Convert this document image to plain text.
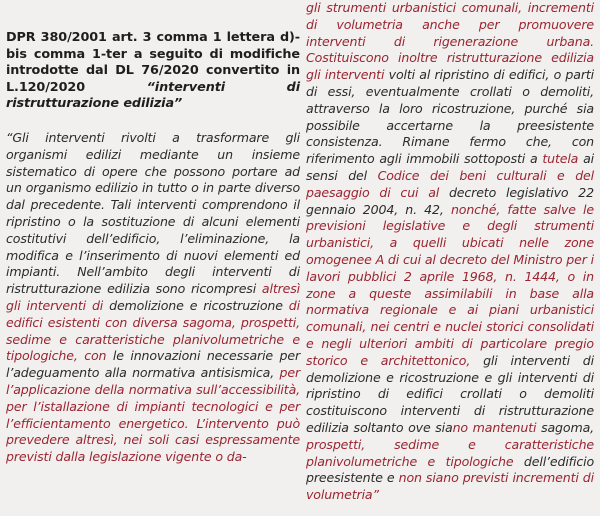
DPR 380/2001 art. 3 comma 1 lettera d)-bis comma 1-ter a seguito di modifiche introdotte dal DL 76/2020 convertito in L.120/2020 “interventi di ristrutturazione edilizia”

“Gli interventi rivolti a trasformare gli organismi edilizi mediante un insieme sistematico di opere che possono portare ad un organismo edilizio in tutto o in parte diverso dal precedente. Tali interventi comprendono il ripristino o la sostituzione di alcuni elementi costitutivi dell’edificio, l’eliminazione, la modifica e l’inserimento di nuovi elementi ed impianti. Nell’ambito degli interventi di ristrutturazione edilizia sono ricompresi altresì gli interventi di demolizione e ricostruzione di edifici esistenti con diversa sagoma, prospetti, sedime e caratteristiche planivolumetriche e tipologiche, con le innovazioni necessarie per l’adeguamento alla normativa antisismica, per l’applicazione della normativa sull’accessibilità, per l’istallazione di impianti tecnologici e per l’efficientamento energetico. L’intervento può prevedere altresì, nei soli casi espressamente previsti dalla legislazione vigente o da-

gli strumenti urbanistici comunali, incrementi di volumetria anche per promuovere interventi di rigenerazione urbana. Costituiscono inoltre ristrutturazione edilizia gli interventi volti al ripristino di edifici, o parti di essi, eventualmente crollati o demoliti, attraverso la loro ricostruzione, purché sia possibile accertarne la preesistente consistenza. Rimane fermo che, con riferimento agli immobili sottoposti a tutela ai sensi del Codice dei beni culturali e del paesaggio di cui al decreto legislativo 22 gennaio 2004, n. 42, nonché, fatte salve le previsioni legislative e degli strumenti urbanistici, a quelli ubicati nelle zone omogenee A di cui al decreto del Ministro per i lavori pubblici 2 aprile 1968, n. 1444, o in zone a queste assimilabili in base alla normativa regionale e ai piani urbanistici comunali, nei centri e nuclei storici consolidati e negli ulteriori ambiti di particolare pregio storico e architettonico, gli interventi di demolizione e ricostruzione e gli interventi di ripristino di edifici crollati o demoliti costituiscono interventi di ristrutturazione edilizia soltanto ove siano mantenuti sagoma, prospetti, sedime e caratteristiche planivolumetriche e tipologiche dell’edificio preesistente e non siano previsti incrementi di volumetria”
